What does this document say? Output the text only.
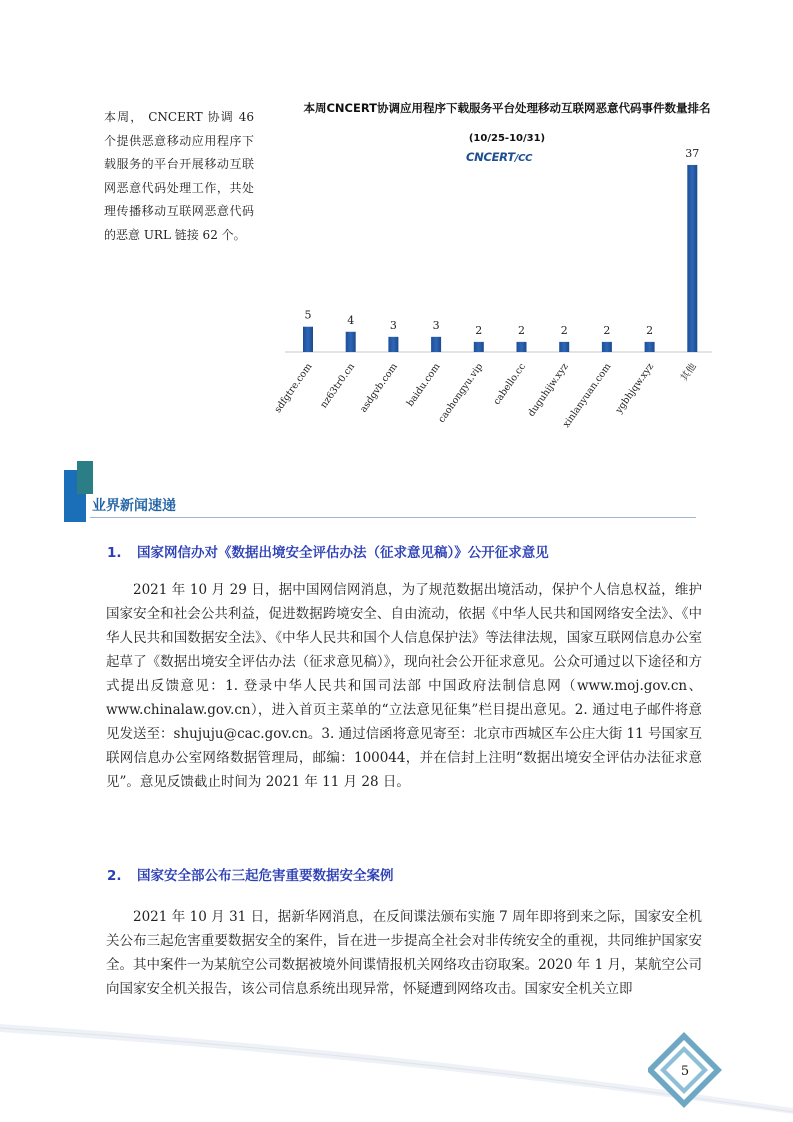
本周， CNCERT 协调 46 个提供恶意移动应用程序下载服务的平台开展移动互联网恶意代码处理工作，共处理传播移动互联网恶意代码的恶意 URL 链接 62 个。
本周CNCERT协调应用程序下载服务平台处理移动互联网恶意代码事件数量排名
(10/25-10/31)
CNCERT/CC
5
sdfgtre.com
4
nz63tr0.cn
3
asdgvb.com
3
baidu.com
2
caohongyu.vip
2
cabello.cc
2
duguhijw.xyz
2
xinlanyuan.com
2
ygbhjqw.xyz
37
其他
业界新闻速递
1. 国家网信办对《数据出境安全评估办法（征求意见稿）》公开征求意见

2021 年 10 月 29 日，据中国网信网消息，为了规范数据出境活动，保护个人信息权益，维护国家安全和社会公共利益，促进数据跨境安全、自由流动，依据《中华人民共和国网络安全法》、《中华人民共和国数据安全法》、《中华人民共和国个人信息保护法》等法律法规，国家互联网信息办公室起草了《数据出境安全评估办法（征求意见稿）》，现向社会公开征求意见。公众可通过以下途径和方式提出反馈意见：1. 登录中华人民共和国司法部 中国政府法制信息网（www.moj.gov.cn、www.chinalaw.gov.cn），进入首页主菜单的“立法意见征集”栏目提出意见。2. 通过电子邮件将意见发送至：shujuju@cac.gov.cn。3. 通过信函将意见寄至：北京市西城区车公庄大街 11 号国家互联网信息办公室网络数据管理局，邮编：100044，并在信封上注明“数据出境安全评估办法征求意见”。意见反馈截止时间为 2021 年 11 月 28 日。

2. 国家安全部公布三起危害重要数据安全案例

2021 年 10 月 31 日，据新华网消息，在反间谍法颁布实施 7 周年即将到来之际，国家安全机关公布三起危害重要数据安全的案件，旨在进一步提高全社会对非传统安全的重视，共同维护国家安全。其中案件一为某航空公司数据被境外间谍情报机关网络攻击窃取案。2020 年 1 月，某航空公司向国家安全机关报告，该公司信息系统出现异常，怀疑遭到网络攻击。国家安全机关立即

5
